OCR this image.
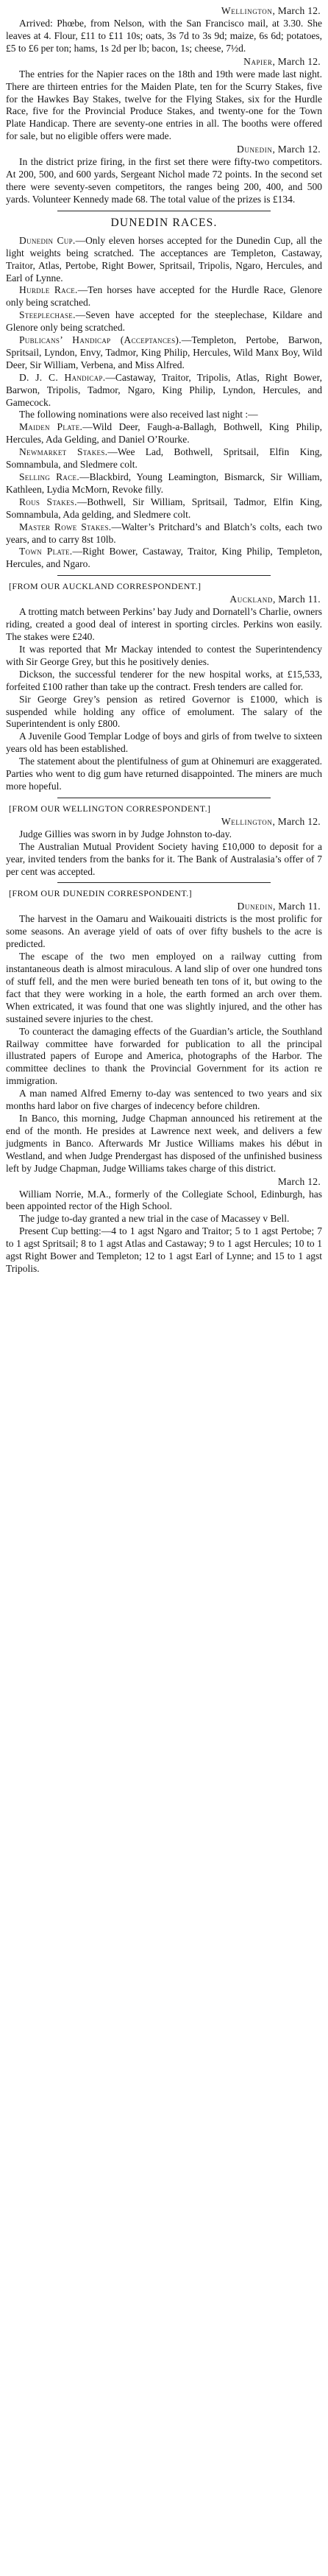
Wellington, March 12.

Arrived: Phœbe, from Nelson, with the San Francisco mail, at 3.30. She leaves at 4. Flour, £11 to £11 10s; oats, 3s 7d to 3s 9d; maize, 6s 6d; potatoes, £5 to £6 per ton; hams, 1s 2d per lb; bacon, 1s; cheese, 7½d.

Napier, March 12.

The entries for the Napier races on the 18th and 19th were made last night. There are thirteen entries for the Maiden Plate, ten for the Scurry Stakes, five for the Hawkes Bay Stakes, twelve for the Flying Stakes, six for the Hurdle Race, five for the Provincial Produce Stakes, and twenty-one for the Town Plate Handicap. There are seventy-one entries in all. The booths were offered for sale, but no eligible offers were made.

Dunedin, March 12.

In the district prize firing, in the first set there were fifty-two competitors. At 200, 500, and 600 yards, Sergeant Nichol made 72 points. In the second set there were seventy-seven competitors, the ranges being 200, 400, and 500 yards. Volunteer Kennedy made 68. The total value of the prizes is £134.

DUNEDIN RACES.

Dunedin Cup.—Only eleven horses accepted for the Dunedin Cup, all the light weights being scratched. The acceptances are Templeton, Castaway, Traitor, Atlas, Pertobe, Right Bower, Spritsail, Tripolis, Ngaro, Hercules, and Earl of Lynne.

Hurdle Race.—Ten horses have accepted for the Hurdle Race, Glenore only being scratched.

Steeplechase.—Seven have accepted for the steeplechase, Kildare and Glenore only being scratched.

Publicans’ Handicap (Acceptances).—Templeton, Pertobe, Barwon, Spritsail, Lyndon, Envy, Tadmor, King Philip, Hercules, Wild Manx Boy, Wild Deer, Sir William, Verbena, and Miss Alfred.

D. J. C. Handicap.—Castaway, Traitor, Tripolis, Atlas, Right Bower, Barwon, Tripolis, Tadmor, Ngaro, King Philip, Lyndon, Hercules, and Gamecock.

The following nominations were also received last night :—

Maiden Plate.—Wild Deer, Faugh-a-Ballagh, Bothwell, King Philip, Hercules, Ada Gelding, and Daniel O’Rourke.

Newmarket Stakes.—Wee Lad, Bothwell, Spritsail, Elfin King, Somnambula, and Sledmere colt.

Selling Race.—Blackbird, Young Leamington, Bismarck, Sir William, Kathleen, Lydia McMorn, Revoke filly.

Rous Stakes.—Bothwell, Sir William, Spritsail, Tadmor, Elfin King, Somnambula, Ada gelding, and Sledmere colt.

Master Rowe Stakes.—Walter’s Pritchard’s and Blatch’s colts, each two years, and to carry 8st 10lb.

Town Plate.—Right Bower, Castaway, Traitor, King Philip, Templeton, Hercules, and Ngaro.

[FROM OUR AUCKLAND CORRESPONDENT.]
Auckland, March 11.

A trotting match between Perkins’ bay Judy and Dornatell’s Charlie, owners riding, created a good deal of interest in sporting circles. Perkins won easily. The stakes were £240.

It was reported that Mr Mackay intended to contest the Superintendency with Sir George Grey, but this he positively denies.

Dickson, the successful tenderer for the new hospital works, at £15,533, forfeited £100 rather than take up the contract. Fresh tenders are called for.

Sir George Grey’s pension as retired Governor is £1000, which is suspended while holding any office of emolument. The salary of the Superintendent is only £800.

A Juvenile Good Templar Lodge of boys and girls of from twelve to sixteen years old has been established.

The statement about the plentifulness of gum at Ohinemuri are exaggerated. Parties who went to dig gum have returned disappointed. The miners are much more hopeful.

[FROM OUR WELLINGTON CORRESPONDENT.]
Wellington, March 12.

Judge Gillies was sworn in by Judge Johnston to-day.

The Australian Mutual Provident Society having £10,000 to deposit for a year, invited tenders from the banks for it. The Bank of Australasia’s offer of 7 per cent was accepted.

[FROM OUR DUNEDIN CORRESPONDENT.]
Dunedin, March 11.

The harvest in the Oamaru and Waikouaiti districts is the most prolific for some seasons. An average yield of oats of over fifty bushels to the acre is predicted.

The escape of the two men employed on a railway cutting from instantaneous death is almost miraculous. A land slip of over one hundred tons of stuff fell, and the men were buried beneath ten tons of it, but owing to the fact that they were working in a hole, the earth formed an arch over them. When extricated, it was found that one was slightly injured, and the other has sustained severe injuries to the chest.

To counteract the damaging effects of the Guardian’s article, the Southland Railway committee have forwarded for publication to all the principal illustrated papers of Europe and America, photographs of the Harbor. The committee declines to thank the Provincial Government for its action re immigration.

A man named Alfred Emerny to-day was sentenced to two years and six months hard labor on five charges of indecency before children.

In Banco, this morning, Judge Chapman announced his retirement at the end of the month. He presides at Lawrence next week, and delivers a few judgments in Banco. Afterwards Mr Justice Williams makes his début in Westland, and when Judge Prendergast has disposed of the unfinished business left by Judge Chapman, Judge Williams takes charge of this district.

March 12.

William Norrie, M.A., formerly of the Collegiate School, Edinburgh, has been appointed rector of the High School.

The judge to-day granted a new trial in the case of Macassey v Bell.

Present Cup betting:—4 to 1 agst Ngaro and Traitor; 5 to 1 agst Pertobe; 7 to 1 agst Spritsail; 8 to 1 agst Atlas and Castaway; 9 to 1 agst Hercules; 10 to 1 agst Right Bower and Templeton; 12 to 1 agst Earl of Lynne; and 15 to 1 agst Tripolis.
